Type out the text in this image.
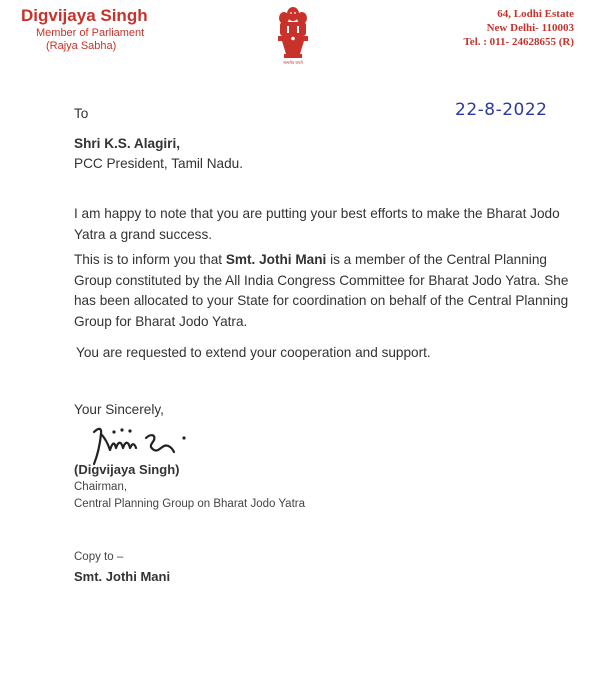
Digvijaya Singh
Member of Parliament
(Rajya Sabha)
सत्यमेव जयते
64, Lodhi Estate
New Delhi- 110003
Tel. : 011- 24628655 (R)
22-8-2022
To
Shri K.S. Alagiri,
PCC President, Tamil Nadu.
I am happy to note that you are putting your best efforts to make the Bharat Jodo Yatra a grand success.
This is to inform you that Smt. Jothi Mani is a member of the Central Planning Group constituted by the All India Congress Committee for Bharat Jodo Yatra. She has been allocated to your State for coordination on behalf of the Central Planning Group for Bharat Jodo Yatra.
You are requested to extend your cooperation and support.
Your Sincerely,
(Digvijaya Singh)
Chairman,
Central Planning Group on Bharat Jodo Yatra
Copy to –
Smt. Jothi Mani
